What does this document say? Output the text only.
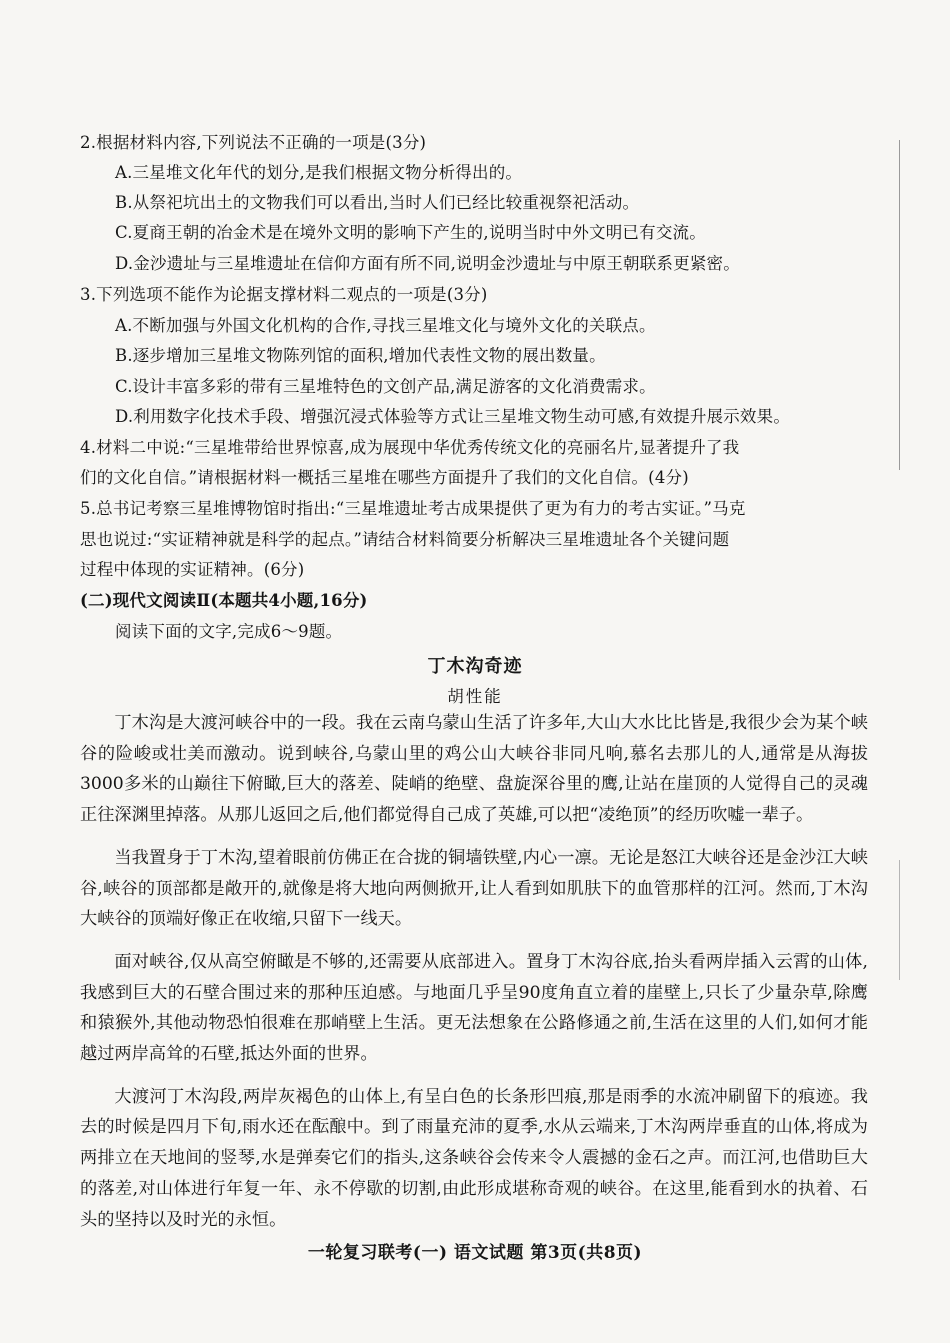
2.根据材料内容,下列说法不正确的一项是(3分)
A.三星堆文化年代的划分,是我们根据文物分析得出的。
B.从祭祀坑出土的文物我们可以看出,当时人们已经比较重视祭祀活动。
C.夏商王朝的冶金术是在境外文明的影响下产生的,说明当时中外文明已有交流。
D.金沙遗址与三星堆遗址在信仰方面有所不同,说明金沙遗址与中原王朝联系更紧密。
3.下列选项不能作为论据支撑材料二观点的一项是(3分)
A.不断加强与外国文化机构的合作,寻找三星堆文化与境外文化的关联点。
B.逐步增加三星堆文物陈列馆的面积,增加代表性文物的展出数量。
C.设计丰富多彩的带有三星堆特色的文创产品,满足游客的文化消费需求。
D.利用数字化技术手段、增强沉浸式体验等方式让三星堆文物生动可感,有效提升展示效果。
4.材料二中说:“三星堆带给世界惊喜,成为展现中华优秀传统文化的亮丽名片,显著提升了我
们的文化自信。”请根据材料一概括三星堆在哪些方面提升了我们的文化自信。(4分)
5.总书记考察三星堆博物馆时指出:“三星堆遗址考古成果提供了更为有力的考古实证。”马克
思也说过:“实证精神就是科学的起点。”请结合材料简要分析解决三星堆遗址各个关键问题
过程中体现的实证精神。(6分)
(二)现代文阅读Ⅱ(本题共4小题,16分)
阅读下面的文字,完成6～9题。
丁木沟奇迹
胡性能

丁木沟是大渡河峡谷中的一段。我在云南乌蒙山生活了许多年,大山大水比比皆是,我很少会为某个峡谷的险峻或壮美而激动。说到峡谷,乌蒙山里的鸡公山大峡谷非同凡响,慕名去那儿的人,通常是从海拔3000多米的山巅往下俯瞰,巨大的落差、陡峭的绝壁、盘旋深谷里的鹰,让站在崖顶的人觉得自己的灵魂正往深渊里掉落。从那儿返回之后,他们都觉得自己成了英雄,可以把“凌绝顶”的经历吹嘘一辈子。

当我置身于丁木沟,望着眼前仿佛正在合拢的铜墙铁壁,内心一凛。无论是怒江大峡谷还是金沙江大峡谷,峡谷的顶部都是敞开的,就像是将大地向两侧掀开,让人看到如肌肤下的血管那样的江河。然而,丁木沟大峡谷的顶端好像正在收缩,只留下一线天。

面对峡谷,仅从高空俯瞰是不够的,还需要从底部进入。置身丁木沟谷底,抬头看两岸插入云霄的山体,我感到巨大的石壁合围过来的那种压迫感。与地面几乎呈90度角直立着的崖壁上,只长了少量杂草,除鹰和猿猴外,其他动物恐怕很难在那峭壁上生活。更无法想象在公路修通之前,生活在这里的人们,如何才能越过两岸高耸的石壁,抵达外面的世界。

大渡河丁木沟段,两岸灰褐色的山体上,有呈白色的长条形凹痕,那是雨季的水流冲刷留下的痕迹。我去的时候是四月下旬,雨水还在酝酿中。到了雨量充沛的夏季,水从云端来,丁木沟两岸垂直的山体,将成为两排立在天地间的竖琴,水是弹奏它们的指头,这条峡谷会传来令人震撼的金石之声。而江河,也借助巨大的落差,对山体进行年复一年、永不停歇的切割,由此形成堪称奇观的峡谷。在这里,能看到水的执着、石头的坚持以及时光的永恒。

一轮复习联考(一) 语文试题 第3页(共8页)
